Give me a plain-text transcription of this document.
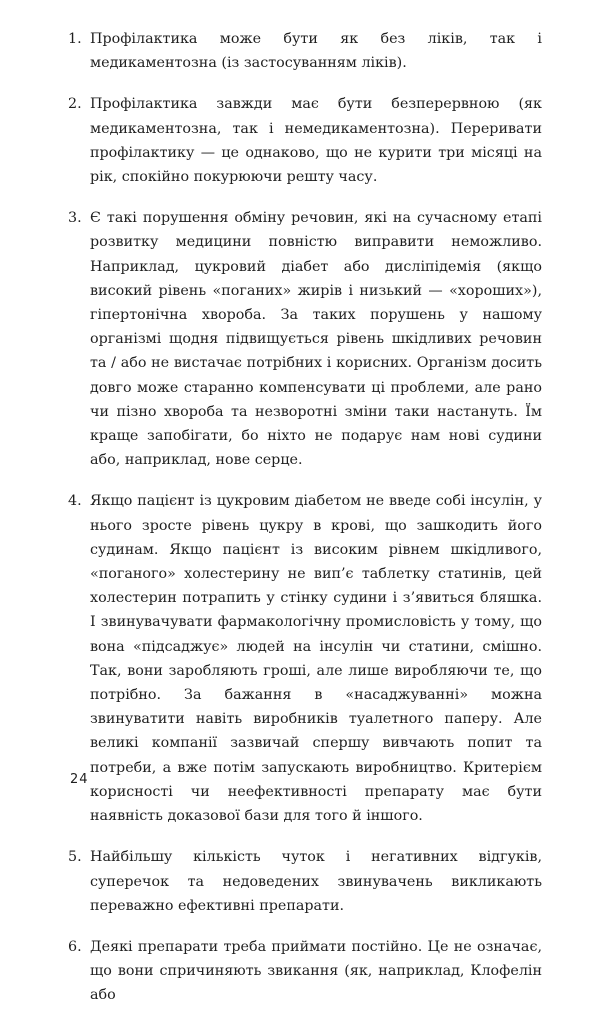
1. Профілактика може бути як без ліків, так і медикаментозна (із застосуванням ліків).
2. Профілактика завжди має бути безперервною (як медикаментозна, так і немедикаментозна). Переривати профілактику — це однаково, що не курити три місяці на рік, спокійно покурюючи решту часу.
3. Є такі порушення обміну речовин, які на сучасному етапі розвитку медицини повністю виправити неможливо. Наприклад, цукровий діабет або дисліпідемія (якщо високий рівень «поганих» жирів і низький — «хороших»), гіпертонічна хвороба. За таких порушень у нашому організмі щодня підвищується рівень шкідливих речовин та / або не вистачає потрібних і корисних. Організм досить довго може старанно компенсувати ці проблеми, але рано чи пізно хвороба та незворотні зміни таки настануть. Їм краще запобігати, бо ніхто не подарує нам нові судини або, наприклад, нове серце.
4. Якщо пацієнт із цукровим діабетом не введе собі інсулін, у нього зросте рівень цукру в крові, що зашкодить його судинам. Якщо пацієнт із високим рівнем шкідливого, «поганого» холестерину не вип’є таблетку статинів, цей холестерин потрапить у стінку судини і з’явиться бляшка. І звинувачувати фармакологічну промисловість у тому, що вона «підсаджує» людей на інсулін чи статини, смішно. Так, вони заробляють гроші, але лише виробляючи те, що потрібно. За бажання в «насаджуванні» можна звинуватити навіть виробників туалетного паперу. Але великі компанії зазвичай спершу вивчають попит та потреби, а вже потім запускають виробництво. Критерієм корисності чи неефективності препарату має бути наявність доказової бази для того й іншого.
5. Найбільшу кількість чуток і негативних відгуків, суперечок та недоведених звинувачень викликають переважно ефективні препарати.
6. Деякі препарати треба приймати постійно. Це не означає, що вони спричиняють звикання (як, наприклад, Клофелін або
24
